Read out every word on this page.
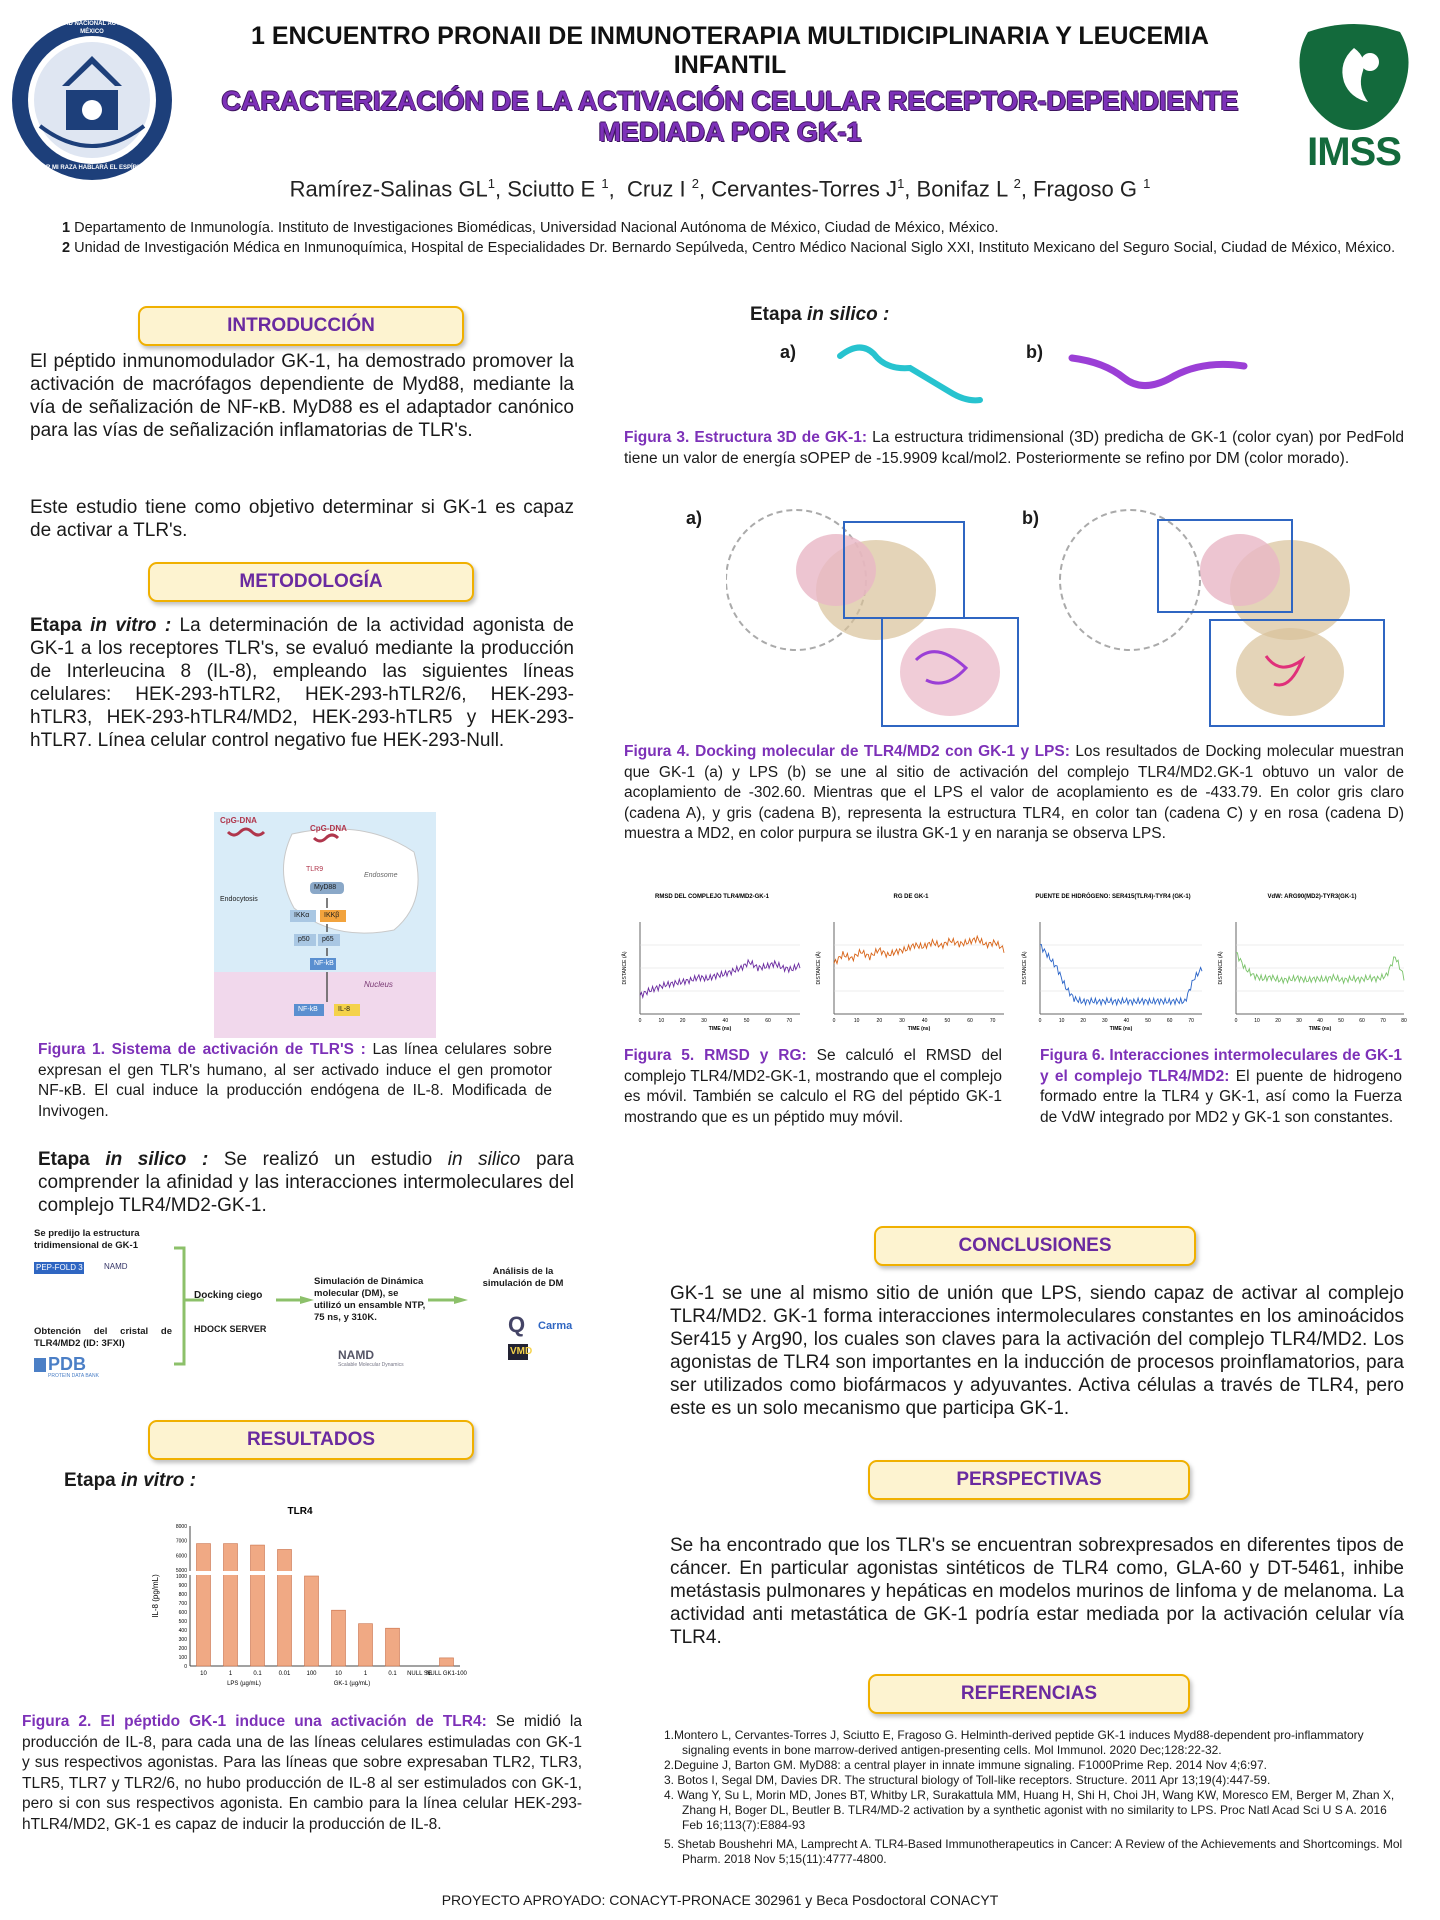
UNIVERSIDAD NACIONAL AUTÓNOMA DE MÉXICO
POR MI RAZA HABLARÁ EL ESPÍRITU	IMSS
1 ENCUENTRO PRONAII DE INMUNOTERAPIA MULTIDICIPLINARIA Y LEUCEMIA INFANTIL
CARACTERIZACIÓN DE LA ACTIVACIÓN CELULAR RECEPTOR-DEPENDIENTE MEDIADA POR GK-1
Ramírez-Salinas $GL^1$, Sciutto E $^1$,  Cruz I $^2$, Cervantes-Torres $J^1$, Bonifaz L $^2$, Fragoso G $^1$
1 Departamento de Inmunología. Instituto de Investigaciones Biomédicas, Universidad Nacional Autónoma de México, Ciudad de México, México.
2 Unidad de Investigación Médica en Inmunoquímica, Hospital de Especialidades Dr. Bernardo Sepúlveda, Centro Médico Nacional Siglo XXI, Instituto Mexicano del Seguro Social, Ciudad de México, México.
INTRODUCCIÓN
El péptido inmunomodulador GK-1, ha demostrado promover la activación de macrófagos dependiente de Myd88, mediante la vía de señalización de NF-κB. MyD88 es el adaptador canónico para las vías de señalización inflamatorias de TLR's.
Este estudio tiene como objetivo determinar si GK-1 es capaz de activar a TLR's.
METODOLOGÍA
Etapa in vitro : La determinación de la actividad agonista de GK-1 a los receptores TLR's, se evaluó mediante la producción de Interleucina 8 (IL-8), empleando las siguientes líneas celulares: HEK-293-hTLR2, HEK-293-hTLR2/6, HEK-293-hTLR3, HEK-293-hTLR4/MD2, HEK-293-hTLR5 y HEK-293-hTLR7. Línea celular control negativo fue HEK-293-Null.
CpG-DNA
CpG-DNA
Endocytosis
Endosome
TLR9
MyD88
IKKα IKKβ
p50 p65
NF-kB
Nucleus
NF-kB	IL-8
Figura 1. Sistema de activación de TLR'S : Las línea celulares sobre expresan el gen TLR's humano, al ser activado induce el gen promotor NF-κB. El cual induce la producción endógena de IL-8. Modificada de Invivogen.
Etapa in silico : Se realizó un estudio in silico para comprender la afinidad y las interacciones intermoleculares del complejo TLR4/MD2-GK-1.
Se predijo la estructura tridimensional de GK-1
PEP-FOLD 3	NAMD
Obtención del cristal de TLR4/MD2 (ID: 3FXI)
PDB
PROTEIN DATA BANK
Docking ciego
HDOCK SERVER
Simulación de Dinámica molecular (DM), se utilizó un ensamble NTP, 75 ns, y 310K.
NAMD
Scalable Molecular Dynamics
Análisis de la simulación de DM
Q Carma
VMD
RESULTADOS
Etapa in vitro :
TLR4
IL-8 (pg/mL)
0
100
200
300
400
500
600
700
800
900
1000
5000
6000
7000
8000
10	1	0.1	0.01	100	10	1	0.1 NULL SE
NULL GK1-100
LPS (µg/mL)	GK-1 (µg/mL)
Figura 2. El péptido GK-1 induce una activación de TLR4: Se midió la producción de IL-8, para cada una de las líneas celulares estimuladas con GK-1 y sus respectivos agonistas. Para las líneas que sobre expresaban TLR2, TLR3, TLR5, TLR7 y TLR2/6, no hubo producción de IL-8 al ser estimulados con GK-1, pero si con sus respectivos agonista. En cambio para la línea celular HEK-293-hTLR4/MD2, GK-1 es capaz de inducir la producción de IL-8.
Etapa in silico :
a)	b)
Figura 3. Estructura 3D de GK-1: La estructura tridimensional (3D) predicha de GK-1 (color cyan) por PedFold tiene un valor de energía sOPEP de -15.9909 kcal/mol2. Posteriormente se refino por DM (color morado).
a)	b)
Figura 4. Docking molecular de TLR4/MD2 con GK-1 y LPS: Los resultados de Docking molecular muestran que GK-1 (a) y LPS (b) se une al sitio de activación del complejo TLR4/MD2.GK-1 obtuvo un valor de acoplamiento de -302.60. Mientras que el LPS el valor de acoplamiento es de -433.79. En color gris claro (cadena A), y gris (cadena B), representa la estructura TLR4, en color tan (cadena C) y en rosa (cadena D) muestra a MD2, en color purpura se ilustra GK-1 y en naranja se observa LPS.
RMSD DEL COMPLEJO TLR4/MD2-GK-1
DISTANCE (Å)
0	10	20	30	40	50	60	70
TIME (ns)
RG DE GK-1
DISTANCE (Å)
0	10	20	30	40	50	60	70
TIME (ns)
PUENTE DE HIDRÓGENO: SER415(TLR4)-TYR4 (GK-1)
DISTANCE (Å)
0	10	20	30	40	50	60	70
TIME (ns)
VdW: ARG90(MD2)-TYR3(GK-1)
DISTANCE (Å)
0	10	20	30	40	50	60	70	80
TIME (ns)
Figura 5. RMSD y RG: Se calculó el RMSD del complejo TLR4/MD2-GK-1, mostrando que el complejo es móvil. También se calculo el RG del péptido GK-1 mostrando que es un péptido muy móvil.
Figura 6. Interacciones intermoleculares de GK-1 y el complejo TLR4/MD2: El puente de hidrogeno formado entre la TLR4 y GK-1, así como la Fuerza de VdW integrado por MD2 y GK-1 son constantes.
CONCLUSIONES
GK-1 se une al mismo sitio de unión que LPS, siendo capaz de activar al complejo TLR4/MD2. GK-1 forma interacciones intermoleculares constantes en los aminoácidos Ser415 y Arg90, los cuales son claves para la activación del complejo TLR4/MD2. Los agonistas de TLR4 son importantes en la inducción de procesos proinflamatorios, para ser utilizados como biofármacos y adyuvantes. Activa células a través de TLR4, pero este es un solo mecanismo que participa GK-1.
PERSPECTIVAS
Se ha encontrado que los TLR's se encuentran sobrexpresados en diferentes tipos de cáncer. En particular agonistas sintéticos de TLR4 como, GLA-60 y DT-5461, inhibe metástasis pulmonares y hepáticas en modelos murinos de linfoma y de melanoma. La actividad anti metastática de GK-1 podría estar mediada por la activación celular vía TLR4.
REFERENCIAS
1.Montero L, Cervantes-Torres J, Sciutto E, Fragoso G. Helminth-derived peptide GK-1 induces Myd88-dependent pro-inflammatory signaling events in bone marrow-derived antigen-presenting cells. Mol Immunol. 2020 Dec;128:22-32.
2.Deguine J, Barton GM. MyD88: a central player in innate immune signaling. F1000Prime Rep. 2014 Nov 4;6:97.
3. Botos I, Segal DM, Davies DR. The structural biology of Toll-like receptors. Structure. 2011 Apr 13;19(4):447-59.
4. Wang Y, Su L, Morin MD, Jones BT, Whitby LR, Surakattula MM, Huang H, Shi H, Choi JH, Wang KW, Moresco EM, Berger M, Zhan X, Zhang H, Boger DL, Beutler B. TLR4/MD-2 activation by a synthetic agonist with no similarity to LPS. Proc Natl Acad Sci U S A. 2016 Feb 16;113(7):E884-93
5. Shetab Boushehri MA, Lamprecht A. TLR4-Based Immunotherapeutics in Cancer: A Review of the Achievements and Shortcomings. Mol Pharm. 2018 Nov 5;15(11):4777-4800.
PROYECTO APROYADO: CONACYT-PRONACE 302961 y Beca Posdoctoral CONACYT
